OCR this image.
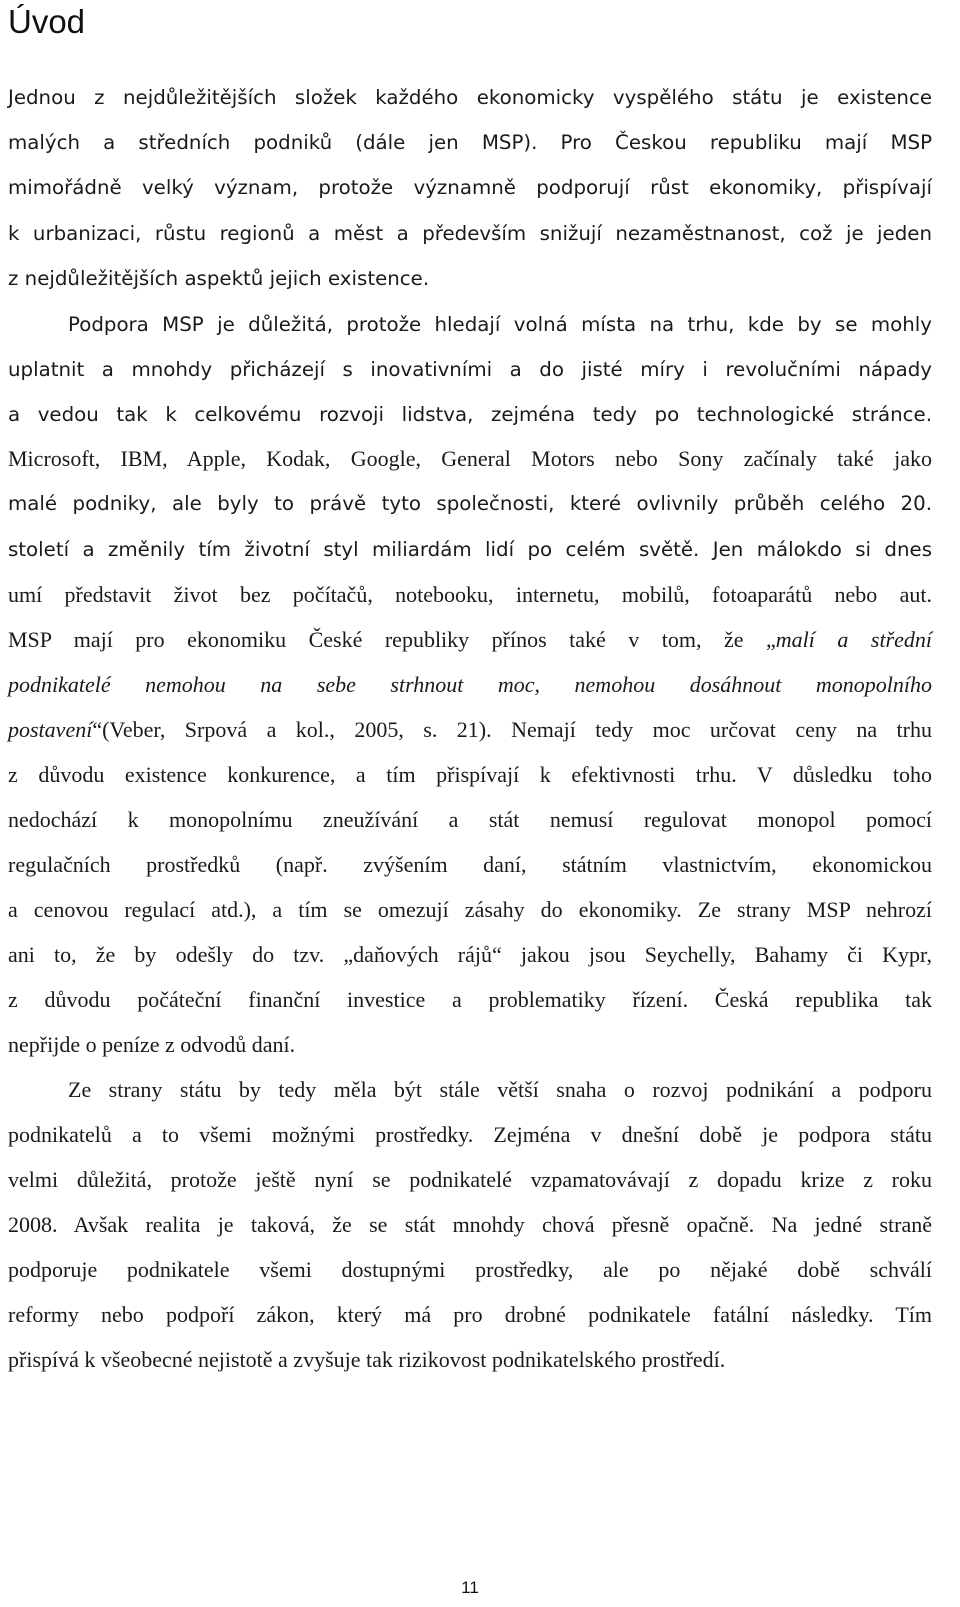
Úvod
Jednou z nejdůležitějších složek každého ekonomicky vyspělého státu je existence
malých a středních podniků (dále jen MSP). Pro Českou republiku mají MSP
mimořádně velký význam, protože významně podporují růst ekonomiky, přispívají
k urbanizaci, růstu regionů a měst a především snižují nezaměstnanost, což je jeden
z nejdůležitějších aspektů jejich existence.
Podpora MSP je důležitá, protože hledají volná místa na trhu, kde by se mohly
uplatnit a mnohdy přicházejí s inovativními a do jisté míry i revolučními nápady
a vedou tak k celkovému rozvoji lidstva, zejména tedy po technologické stránce.
Microsoft, IBM, Apple, Kodak, Google, General Motors nebo Sony začínaly také jako
malé podniky, ale byly to právě tyto společnosti, které ovlivnily průběh celého 20.
století a změnily tím životní styl miliardám lidí po celém světě. Jen málokdo si dnes
umí představit život bez počítačů, notebooku, internetu, mobilů, fotoaparátů nebo aut.
MSP mají pro ekonomiku České republiky přínos také v tom, že „malí a střední
podnikatelé nemohou na sebe strhnout moc, nemohou dosáhnout monopolního
postavení“(Veber, Srpová a kol., 2005, s. 21). Nemají tedy moc určovat ceny na trhu
z důvodu existence konkurence, a tím přispívají k efektivnosti trhu. V důsledku toho
nedochází k monopolnímu zneužívání a stát nemusí regulovat monopol pomocí
regulačních prostředků (např. zvýšením daní, státním vlastnictvím, ekonomickou
a cenovou regulací atd.), a tím se omezují zásahy do ekonomiky. Ze strany MSP nehrozí
ani to, že by odešly do tzv. „daňových rájů“ jakou jsou Seychelly, Bahamy či Kypr,
z důvodu počáteční finanční investice a problematiky řízení. Česká republika tak
nepřijde o peníze z odvodů daní.
Ze strany státu by tedy měla být stále větší snaha o rozvoj podnikání a podporu
podnikatelů a to všemi možnými prostředky. Zejména v dnešní době je podpora státu
velmi důležitá, protože ještě nyní se podnikatelé vzpamatovávají z dopadu krize z roku
2008. Avšak realita je taková, že se stát mnohdy chová přesně opačně. Na jedné straně
podporuje podnikatele všemi dostupnými prostředky, ale po nějaké době schválí
reformy nebo podpoří zákon, který má pro drobné podnikatele fatální následky. Tím
přispívá k všeobecné nejistotě a zvyšuje tak rizikovost podnikatelského prostředí.
11
